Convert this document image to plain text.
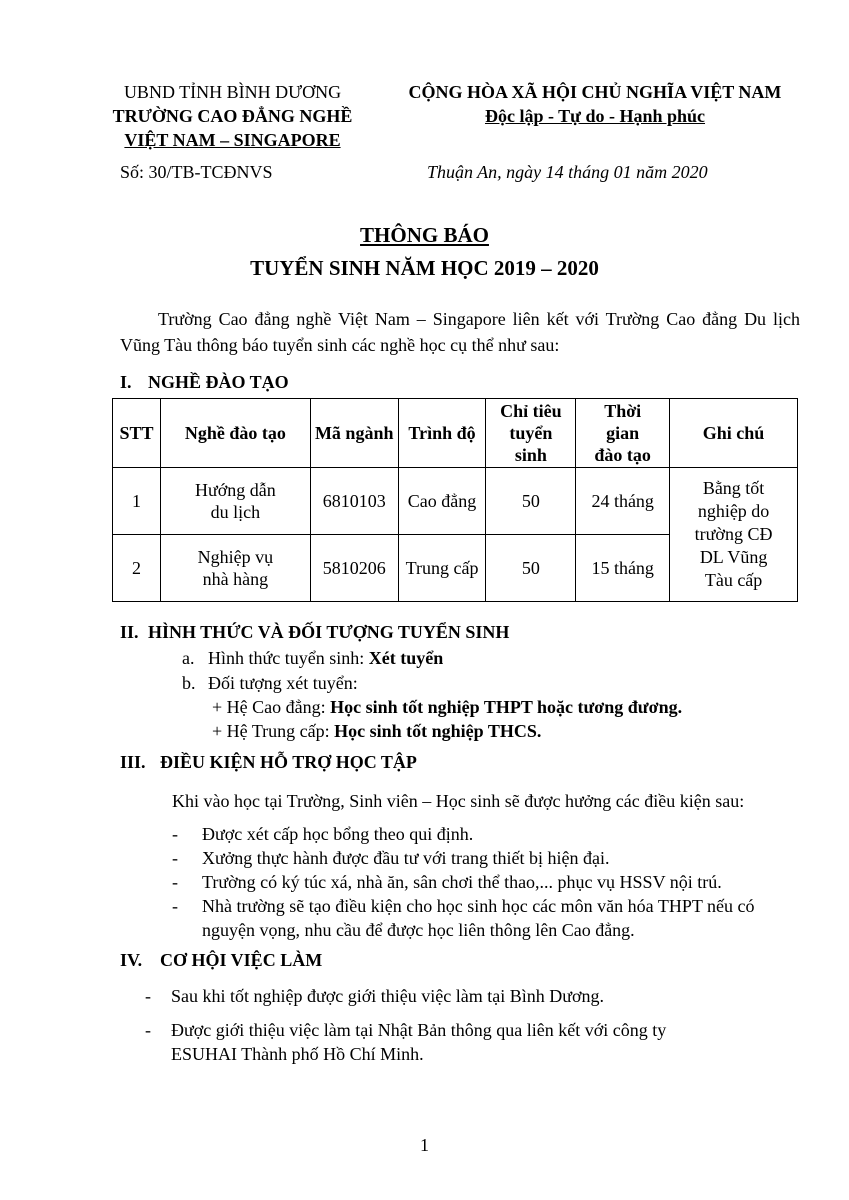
UBND TỈNH BÌNH DƯƠNG
TRƯỜNG CAO ĐẲNG NGHỀ
VIỆT NAM – SINGAPORE
CỘNG HÒA XÃ HỘI CHỦ NGHĨA VIỆT NAM
Độc lập - Tự do - Hạnh phúc
Số: 30/TB-TCĐNVS	Thuận An, ngày 14 tháng 01 năm 2020
THÔNG BÁO
TUYỂN SINH NĂM HỌC 2019 – 2020
Trường Cao đẳng nghề Việt Nam – Singapore liên kết với Trường Cao đẳng Du lịch Vũng Tàu thông báo tuyển sinh các nghề học cụ thể như sau:
I. NGHỀ ĐÀO TẠO
STT	Nghề đào tạo	Mã ngành	Trình độ	Chỉ tiêu tuyển sinh	Thời gian đào tạo	Ghi chú
1	Hướng dẫn du lịch	6810103	Cao đẳng	50	24 tháng	Bằng tốt nghiệp do trường CĐ DL Vũng Tàu cấp
2	Nghiệp vụ nhà hàng	5810206	Trung cấp	50	15 tháng	
II. HÌNH THỨC VÀ ĐỐI TƯỢNG TUYỂN SINH
a. Hình thức tuyển sinh: Xét tuyển
b. Đối tượng xét tuyển:
+ Hệ Cao đẳng: Học sinh tốt nghiệp THPT hoặc tương đương.
+ Hệ Trung cấp: Học sinh tốt nghiệp THCS.
III. ĐIỀU KIỆN HỖ TRỢ HỌC TẬP
Khi vào học tại Trường, Sinh viên – Học sinh sẽ được hưởng các điều kiện sau:
- Được xét cấp học bổng theo qui định.
- Xưởng thực hành được đầu tư với trang thiết bị hiện đại.
- Trường có ký túc xá, nhà ăn, sân chơi thể thao,... phục vụ HSSV nội trú.
- Nhà trường sẽ tạo điều kiện cho học sinh học các môn văn hóa THPT nếu có nguyện vọng, nhu cầu để được học liên thông lên Cao đẳng.
IV. CƠ HỘI VIỆC LÀM
- Sau khi tốt nghiệp được giới thiệu việc làm tại Bình Dương.
- Được giới thiệu việc làm tại Nhật Bản thông qua liên kết với công ty ESUHAI Thành phố Hồ Chí Minh.
1
